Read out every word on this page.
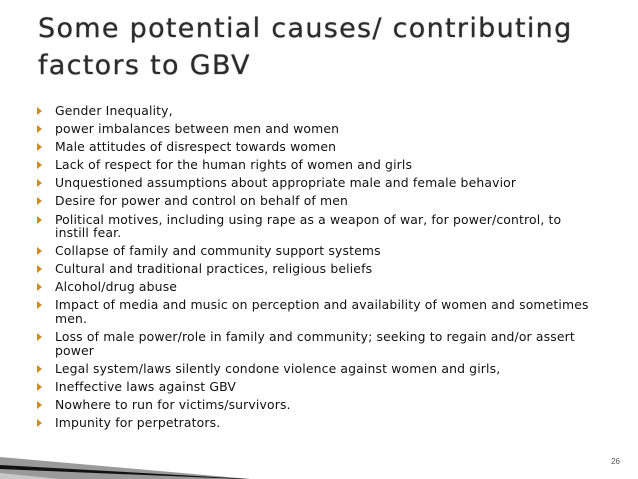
Some potential causes/ contributing factors to GBV
Gender Inequality,
power imbalances between men and women
Male attitudes of disrespect towards women
Lack of respect for the human rights of women and girls
Unquestioned assumptions about appropriate male and female behavior
Desire for power and control on behalf of men
Political motives, including using rape as a weapon of war, for power/control, to instill fear.
Collapse of family and community support systems
Cultural and traditional practices, religious beliefs
Alcohol/drug abuse
Impact of media and music on perception and availability of women and sometimes men.
Loss of male power/role in family and community; seeking to regain and/or assert power
Legal system/laws silently condone violence against women and girls,
Ineffective laws against GBV
Nowhere to run for victims/survivors.
Impunity for perpetrators.
26
